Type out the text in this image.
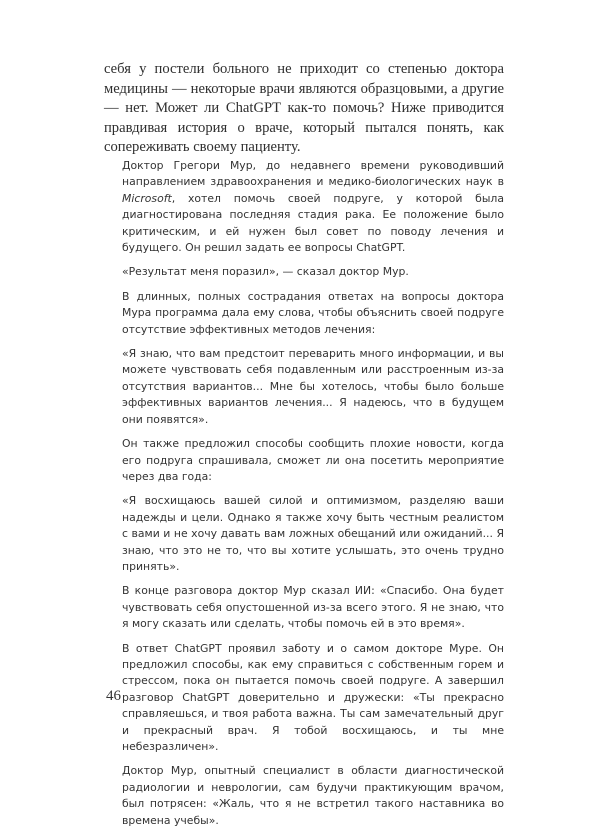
себя у постели больного не приходит со степенью доктора медицины — некоторые врачи являются образцовыми, а другие — нет. Может ли ChatGPT как-то помочь? Ниже приводится правдивая история о враче, который пытался понять, как сопереживать своему пациенту.

Доктор Грегори Мур, до недавнего времени руководивший направлением здравоохранения и медико-биологических наук в Microsoft, хотел помочь своей подруге, у которой была диагностирована последняя стадия рака. Ее положение было критическим, и ей нужен был совет по поводу лечения и будущего. Он решил задать ее вопросы ChatGPT.

«Результат меня поразил», — сказал доктор Мур.

В длинных, полных сострадания ответах на вопросы доктора Мура программа дала ему слова, чтобы объяснить своей подруге отсутствие эффективных методов лечения:

«Я знаю, что вам предстоит переварить много информации, и вы можете чувствовать себя подавленным или расстроенным из-за отсутствия вариантов... Мне бы хотелось, чтобы было больше эффективных вариантов лечения... Я надеюсь, что в будущем они появятся».

Он также предложил способы сообщить плохие новости, когда его подруга спрашивала, сможет ли она посетить мероприятие через два года:

«Я восхищаюсь вашей силой и оптимизмом, разделяю ваши надежды и цели. Однако я также хочу быть честным реалистом с вами и не хочу давать вам ложных обещаний или ожиданий... Я знаю, что это не то, что вы хотите услышать, это очень трудно принять».

В конце разговора доктор Мур сказал ИИ: «Спасибо. Она будет чувствовать себя опустошенной из-за всего этого. Я не знаю, что я могу сказать или сделать, чтобы помочь ей в это время».

В ответ ChatGPT проявил заботу и о самом докторе Муре. Он предложил способы, как ему справиться с собственным горем и стрессом, пока он пытается помочь своей подруге. А завершил разговор ChatGPT доверительно и дружески: «Ты прекрасно справляешься, и твоя работа важна. Ты сам замечательный друг и прекрасный врач. Я тобой восхищаюсь, и ты мне небезразличен».

Доктор Мур, опытный специалист в области диагностической радиологии и неврологии, сам будучи практикующим врачом, был потрясен: «Жаль, что я не встретил такого наставника во времена учебы».

46
